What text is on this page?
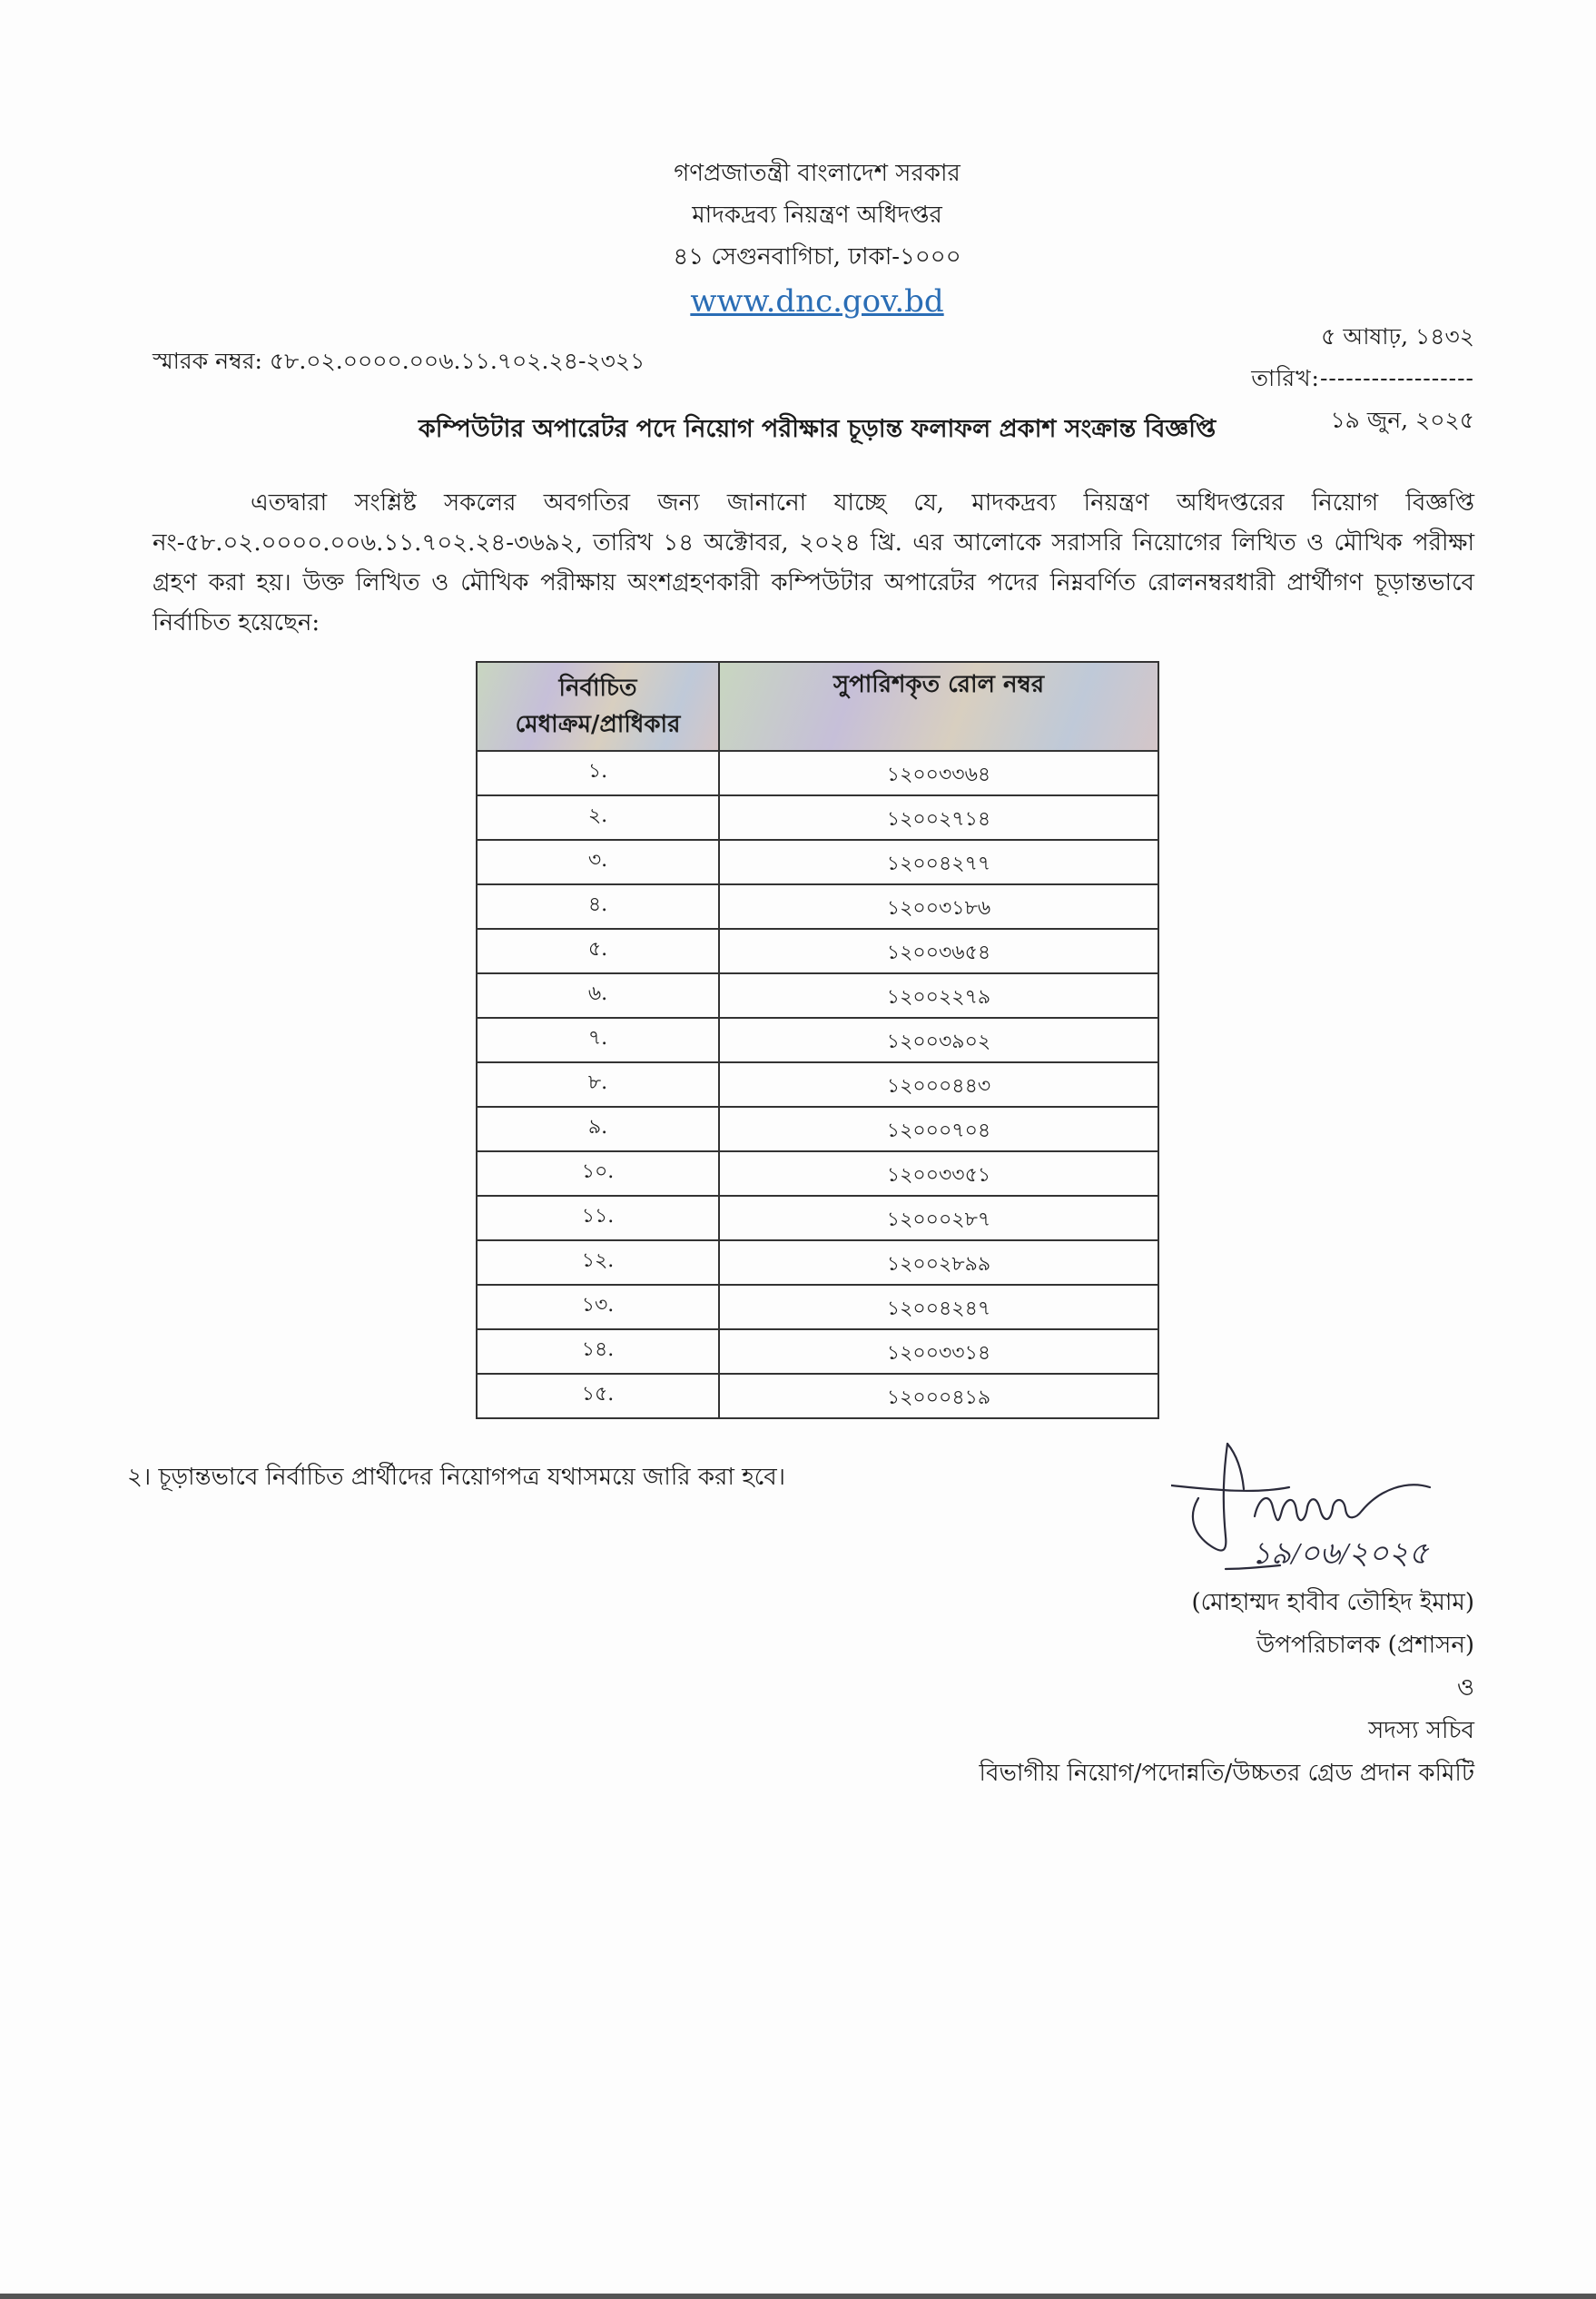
গণপ্রজাতন্ত্রী বাংলাদেশ সরকার
মাদকদ্রব্য নিয়ন্ত্রণ অধিদপ্তর
৪১ সেগুনবাগিচা, ঢাকা-১০০০
www.dnc.gov.bd
স্মারক নম্বর: ৫৮.০২.০০০০.০০৬.১১.৭০২.২৪-২৩২১
৫ আষাঢ়, ১৪৩২
তারিখ:------------------
১৯ জুন, ২০২৫
কম্পিউটার অপারেটর পদে নিয়োগ পরীক্ষার চূড়ান্ত ফলাফল প্রকাশ সংক্রান্ত বিজ্ঞপ্তি
এতদ্বারা সংশ্লিষ্ট সকলের অবগতির জন্য জানানো যাচ্ছে যে, মাদকদ্রব্য নিয়ন্ত্রণ অধিদপ্তরের নিয়োগ বিজ্ঞপ্তি নং-৫৮.০২.০০০০.০০৬.১১.৭০২.২৪-৩৬৯২, তারিখ ১৪ অক্টোবর, ২০২৪ খ্রি. এর আলোকে সরাসরি নিয়োগের লিখিত ও মৌখিক পরীক্ষা গ্রহণ করা হয়। উক্ত লিখিত ও মৌখিক পরীক্ষায় অংশগ্রহণকারী কম্পিউটার অপারেটর পদের নিম্নবর্ণিত রোলনম্বরধারী প্রার্থীগণ চূড়ান্তভাবে নির্বাচিত হয়েছেন:
নির্বাচিত
মেধাক্রম/প্রাধিকার	সুপারিশকৃত রোল নম্বর
১.	১২০০৩৩৬৪
২.	১২০০২৭১৪
৩.	১২০০৪২৭৭
৪.	১২০০৩১৮৬
৫.	১২০০৩৬৫৪
৬.	১২০০২২৭৯
৭.	১২০০৩৯০২
৮.	১২০০০৪৪৩
৯.	১২০০০৭০৪
১০.	১২০০৩৩৫১
১১.	১২০০০২৮৭
১২.	১২০০২৮৯৯
১৩.	১২০০৪২৪৭
১৪.	১২০০৩৩১৪
১৫.	১২০০০৪১৯
২। চূড়ান্তভাবে নির্বাচিত প্রার্থীদের নিয়োগপত্র যথাসময়ে জারি করা হবে।
১৯/০৬/২০২৫
(মোহাম্মদ হাবীব তৌহিদ ইমাম)
উপপরিচালক (প্রশাসন)
ও
সদস্য সচিব
বিভাগীয় নিয়োগ/পদোন্নতি/উচ্চতর গ্রেড প্রদান কমিটি
